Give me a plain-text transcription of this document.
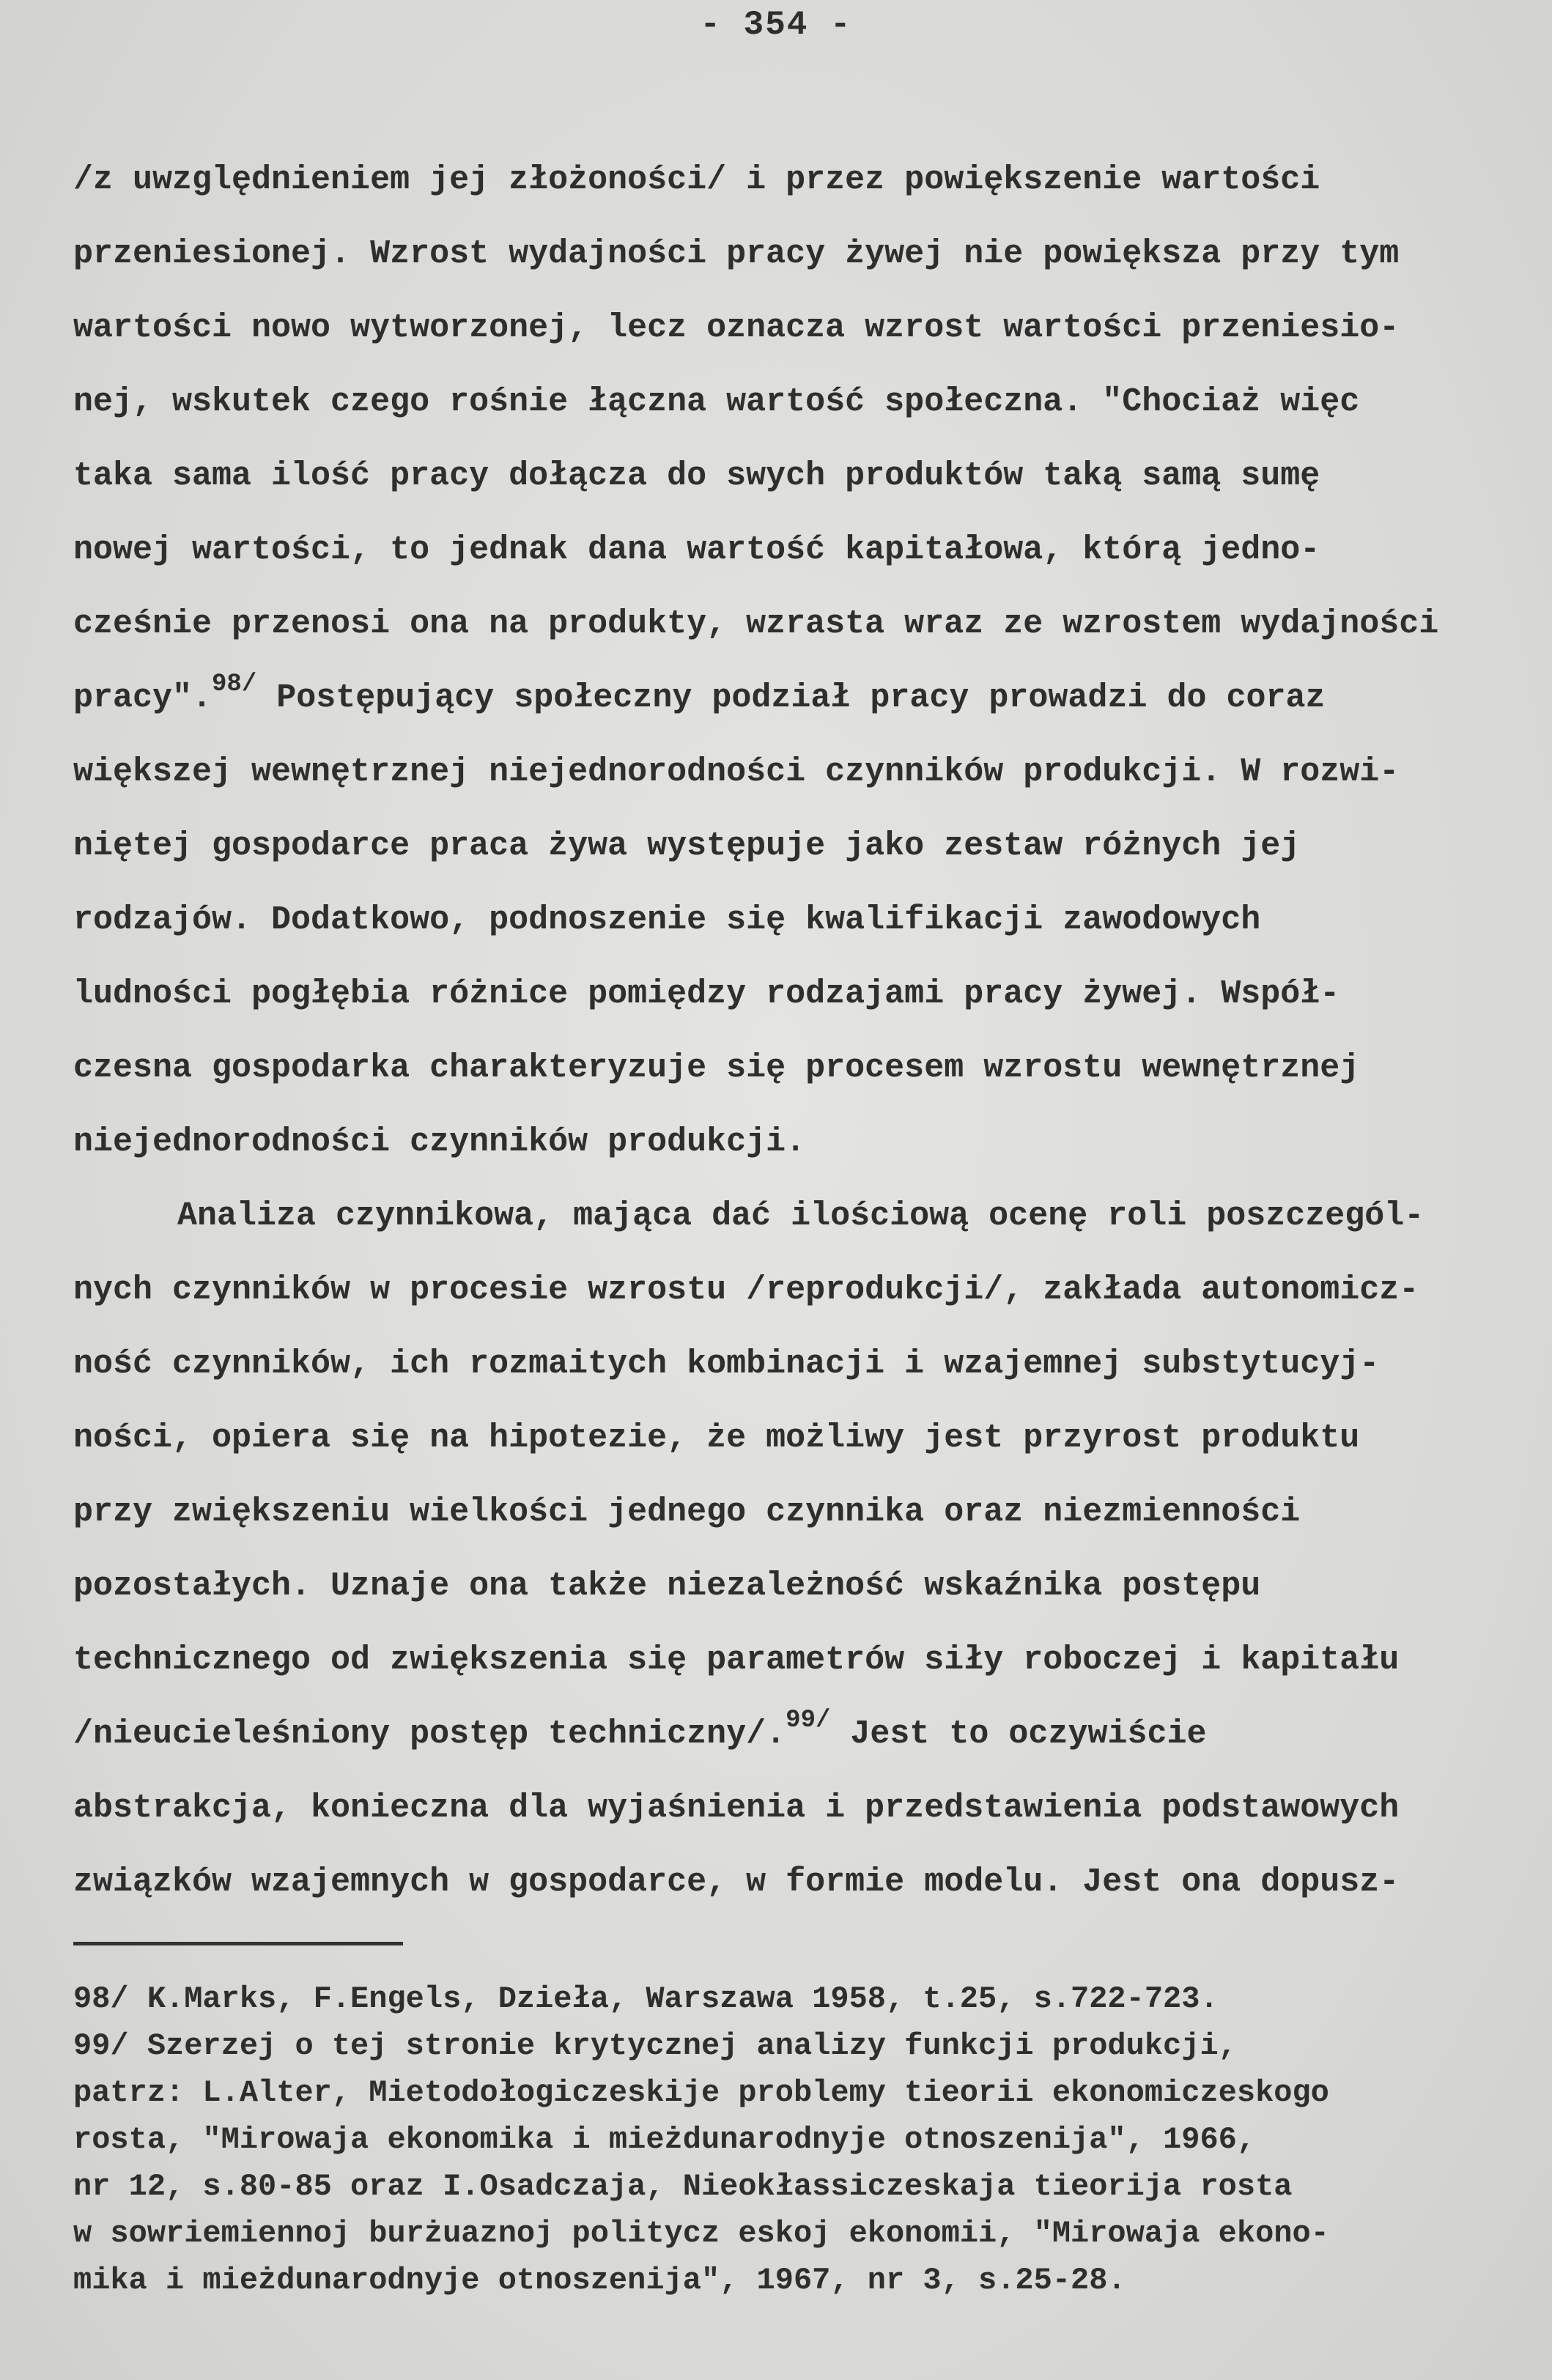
- 354 -
/z uwzględnieniem jej złożoności/ i przez powiększenie wartości
przeniesionej. Wzrost wydajności pracy żywej nie powiększa przy tym
wartości nowo wytworzonej, lecz oznacza wzrost wartości przeniesio-
nej, wskutek czego rośnie łączna wartość społeczna. "Chociaż więc
taka sama ilość pracy dołącza do swych produktów taką samą sumę
nowej wartości, to jednak dana wartość kapitałowa, którą jedno-
cześnie przenosi ona na produkty, wzrasta wraz ze wzrostem wydajności
pracy".$^{98/}$ Postępujący społeczny podział pracy prowadzi do coraz
większej wewnętrznej niejednorodności czynników produkcji. W rozwi-
niętej gospodarce praca żywa występuje jako zestaw różnych jej
rodzajów. Dodatkowo, podnoszenie się kwalifikacji zawodowych
ludności pogłębia różnice pomiędzy rodzajami pracy żywej. Współ-
czesna gospodarka charakteryzuje się procesem wzrostu wewnętrznej
niejednorodności czynników produkcji.
Analiza czynnikowa, mająca dać ilościową ocenę roli poszczegól-
nych czynników w procesie wzrostu /reprodukcji/, zakłada autonomicz-
ność czynników, ich rozmaitych kombinacji i wzajemnej substytucyj-
ności, opiera się na hipotezie, że możliwy jest przyrost produktu
przy zwiększeniu wielkości jednego czynnika oraz niezmienności
pozostałych. Uznaje ona także niezależność wskaźnika postępu
technicznego od zwiększenia się parametrów siły roboczej i kapitału
/nieucieleśniony postęp techniczny/.$^{99/}$ Jest to oczywiście
abstrakcja, konieczna dla wyjaśnienia i przedstawienia podstawowych
związków wzajemnych w gospodarce, w formie modelu. Jest ona dopusz-
98/ K.Marks, F.Engels, Dzieła, Warszawa 1958, t.25, s.722-723.
99/ Szerzej o tej stronie krytycznej analizy funkcji produkcji,
patrz: L.Alter, Mietodołogiczeskije problemy tieorii ekonomiczeskogo
rosta, "Mirowaja ekonomika i mieżdunarodnyje otnoszenija", 1966,
nr 12, s.80-85 oraz I.Osadczaja, Nieokłassiczeskaja tieorija rosta
w sowriemiennoj burżuaznoj politycz eskoj ekonomii, "Mirowaja ekono-
mika i mieżdunarodnyje otnoszenija", 1967, nr 3, s.25-28.
